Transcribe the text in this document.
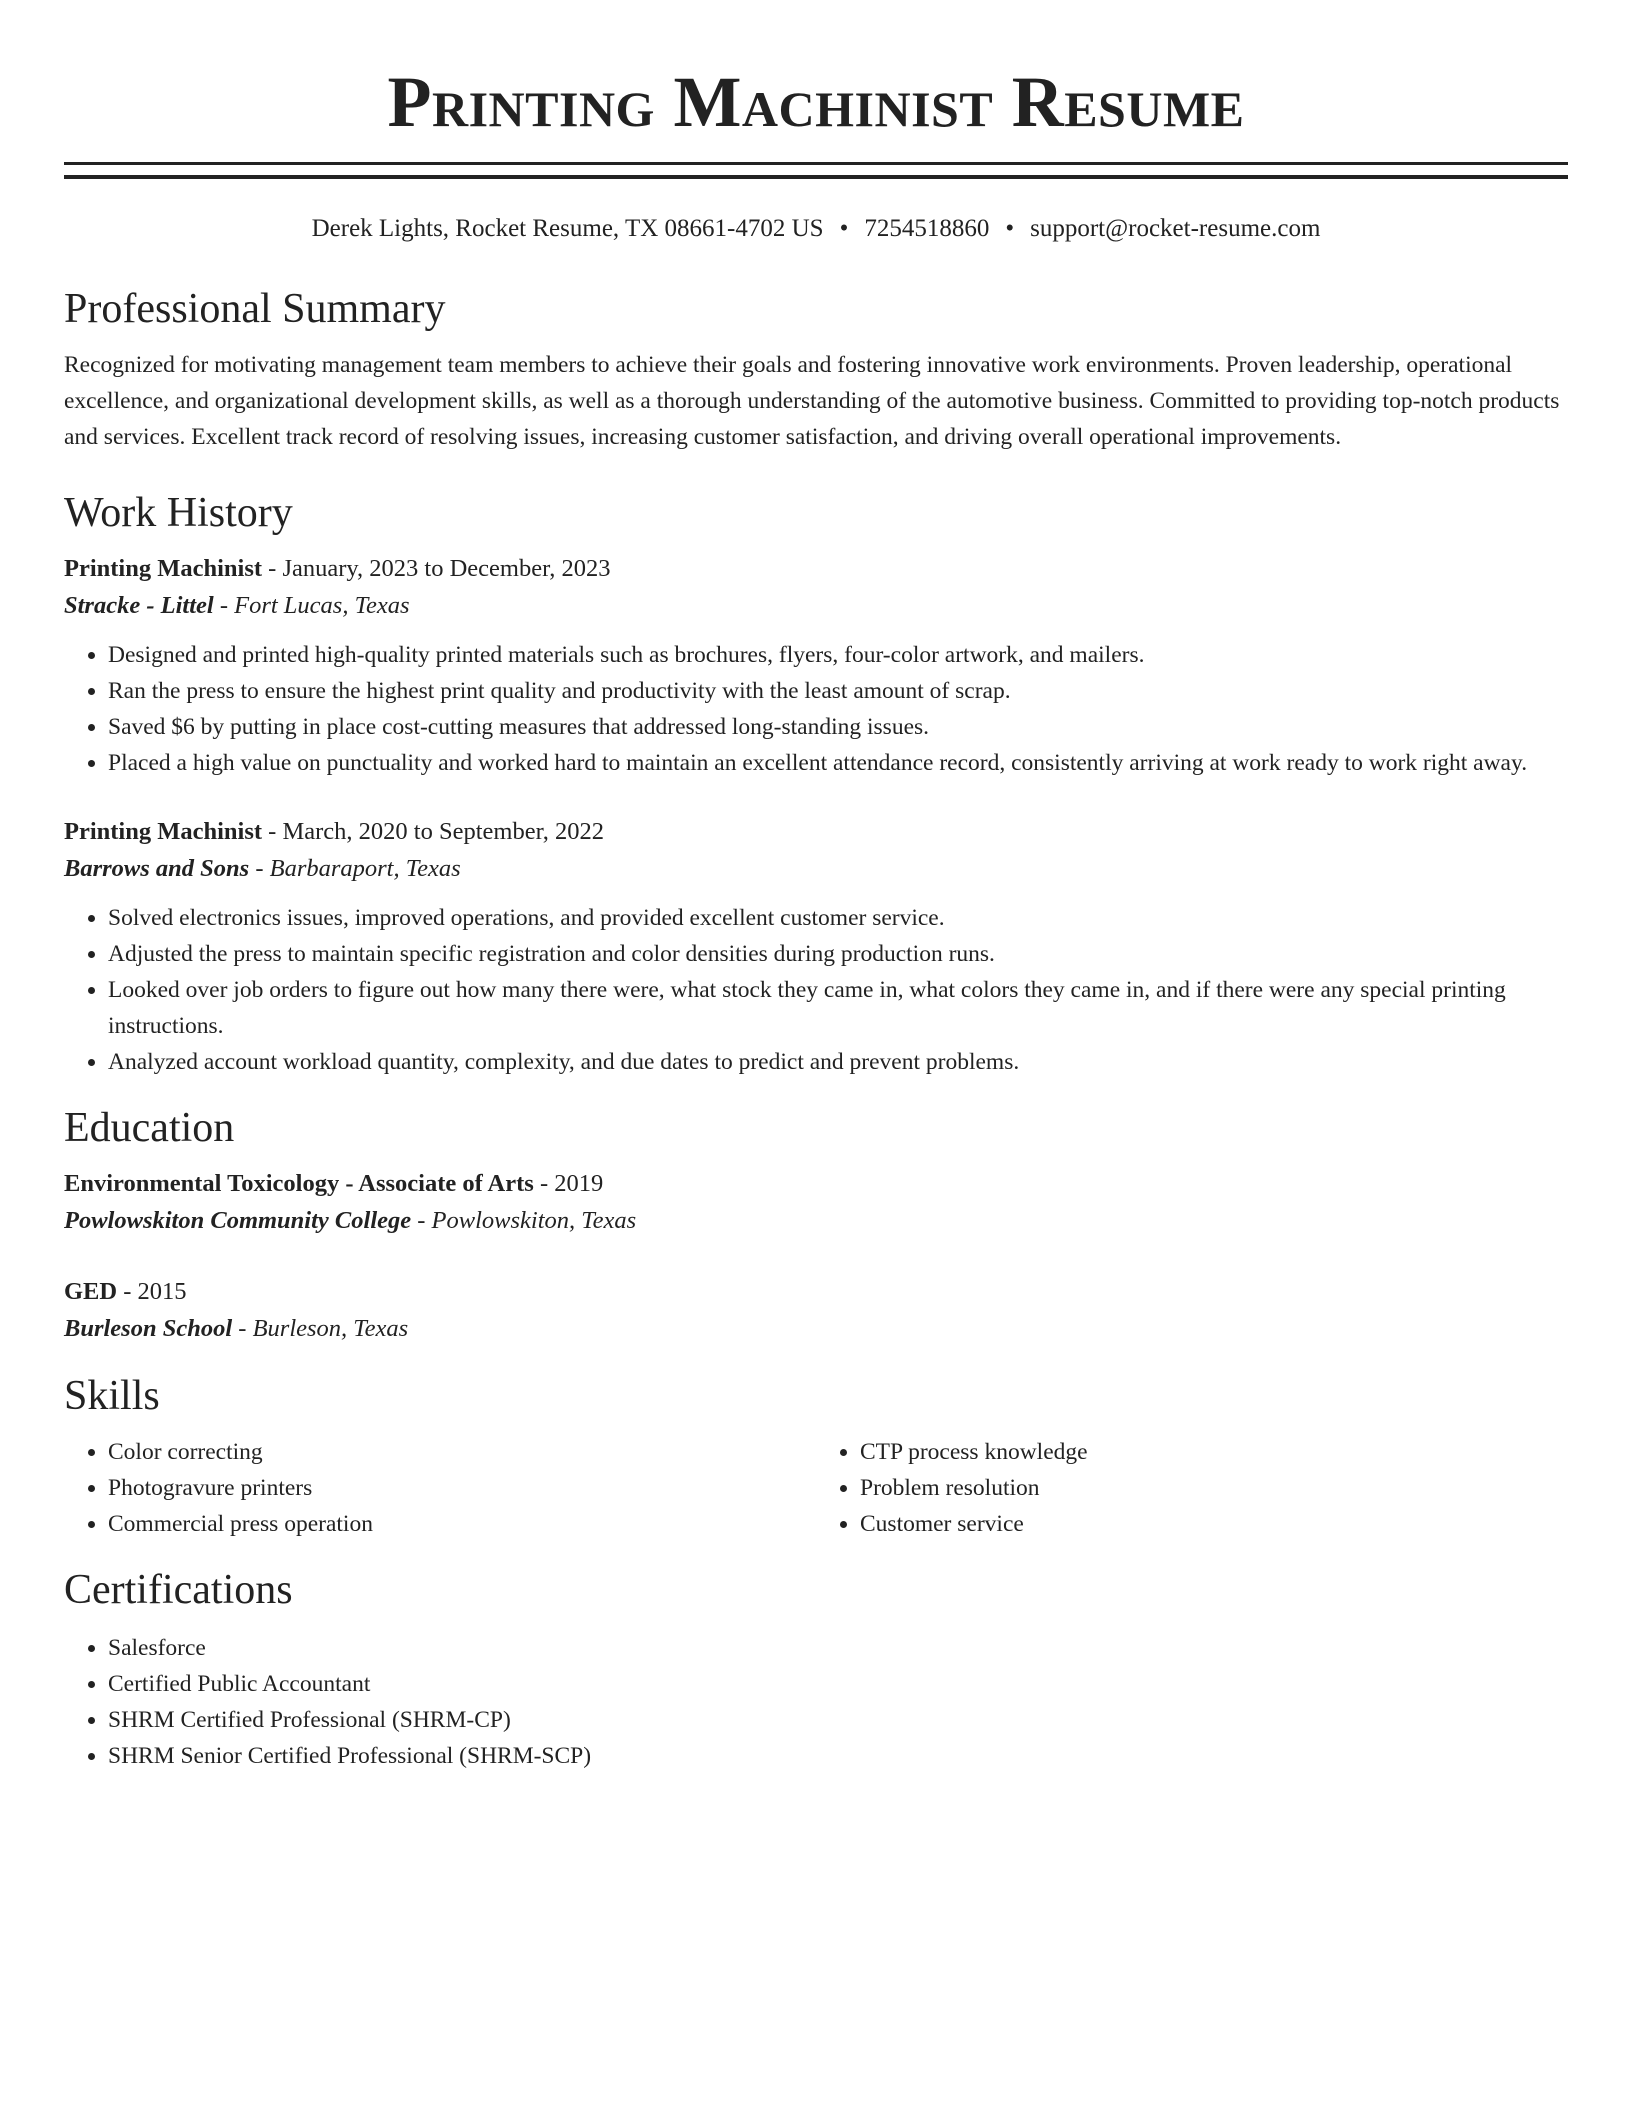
Printing Machinist Resume
Derek Lights, Rocket Resume, TX 08661-4702 US • 7254518860 • support@rocket-resume.com
Professional Summary

Recognized for motivating management team members to achieve their goals and fostering innovative work environments. Proven leadership, operational excellence, and organizational development skills, as well as a thorough understanding of the automotive business. Committed to providing top-notch products and services. Excellent track record of resolving issues, increasing customer satisfaction, and driving overall operational improvements.

Work History

Printing Machinist - January, 2023 to December, 2023

Stracke - Littel - Fort Lucas, Texas

• Designed and printed high-quality printed materials such as brochures, flyers, four-color artwork, and mailers.
• Ran the press to ensure the highest print quality and productivity with the least amount of scrap.
• Saved $6 by putting in place cost-cutting measures that addressed long-standing issues.
• Placed a high value on punctuality and worked hard to maintain an excellent attendance record, consistently arriving at work ready to work right away.

Printing Machinist - March, 2020 to September, 2022

Barrows and Sons - Barbaraport, Texas

• Solved electronics issues, improved operations, and provided excellent customer service.
• Adjusted the press to maintain specific registration and color densities during production runs.
• Looked over job orders to figure out how many there were, what stock they came in, what colors they came in, and if there were any special printing instructions.
• Analyzed account workload quantity, complexity, and due dates to predict and prevent problems.
Education

Environmental Toxicology - Associate of Arts - 2019

Powlowskiton Community College - Powlowskiton, Texas

GED - 2015

Burleson School - Burleson, Texas

Skills
• Color correcting
• Photogravure printers
• Commercial press operation
• CTP process knowledge
• Problem resolution
• Customer service
Certifications
• Salesforce
• Certified Public Accountant
• SHRM Certified Professional (SHRM-CP)
• SHRM Senior Certified Professional (SHRM-SCP)
